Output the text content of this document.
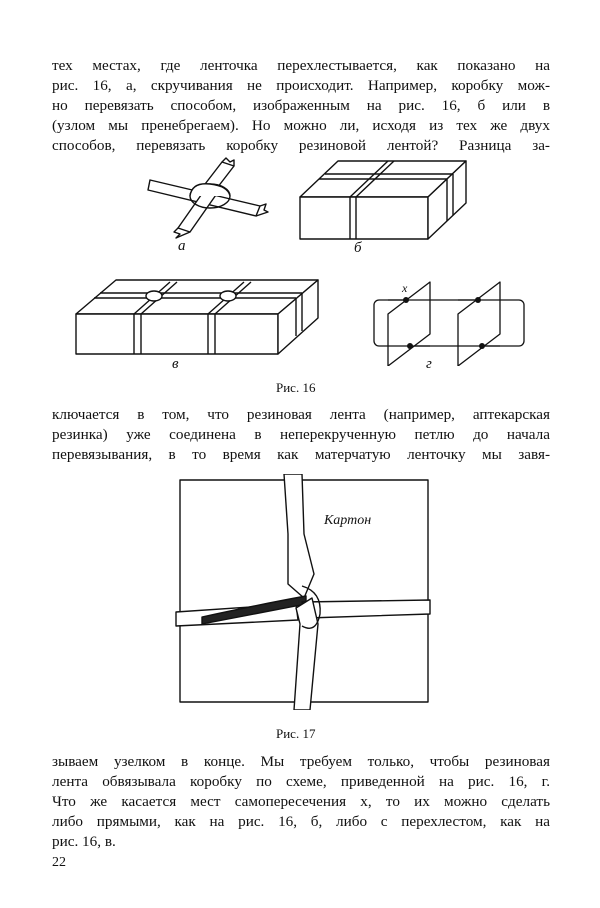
тех местах, где ленточка перехлестывается, как показано на
рис. 16, а, скручивания не происходит. Например, коробку мож-
но перевязать способом, изображенным на рис. 16, б или в
(узлом мы пренебрегаем). Но можно ли, исходя из тех же двух
способов, перевязать коробку резиновой лентой? Разница за-

а	б
в
x
г

Рис. 16

ключается в том, что резиновая лента (например, аптекарская
резинка) уже соединена в неперекрученную петлю до начала
перевязывания, в то время как матерчатую ленточку мы завя-

Картон

Рис. 17

зываем узелком в конце. Мы требуем только, чтобы резиновая
лента обвязывала коробку по схеме, приведенной на рис. 16, г.
Что же касается мест самопересечения x, то их можно сделать
либо прямыми, как на рис. 16, б, либо с перехлестом, как на
рис. 16, в.

22
